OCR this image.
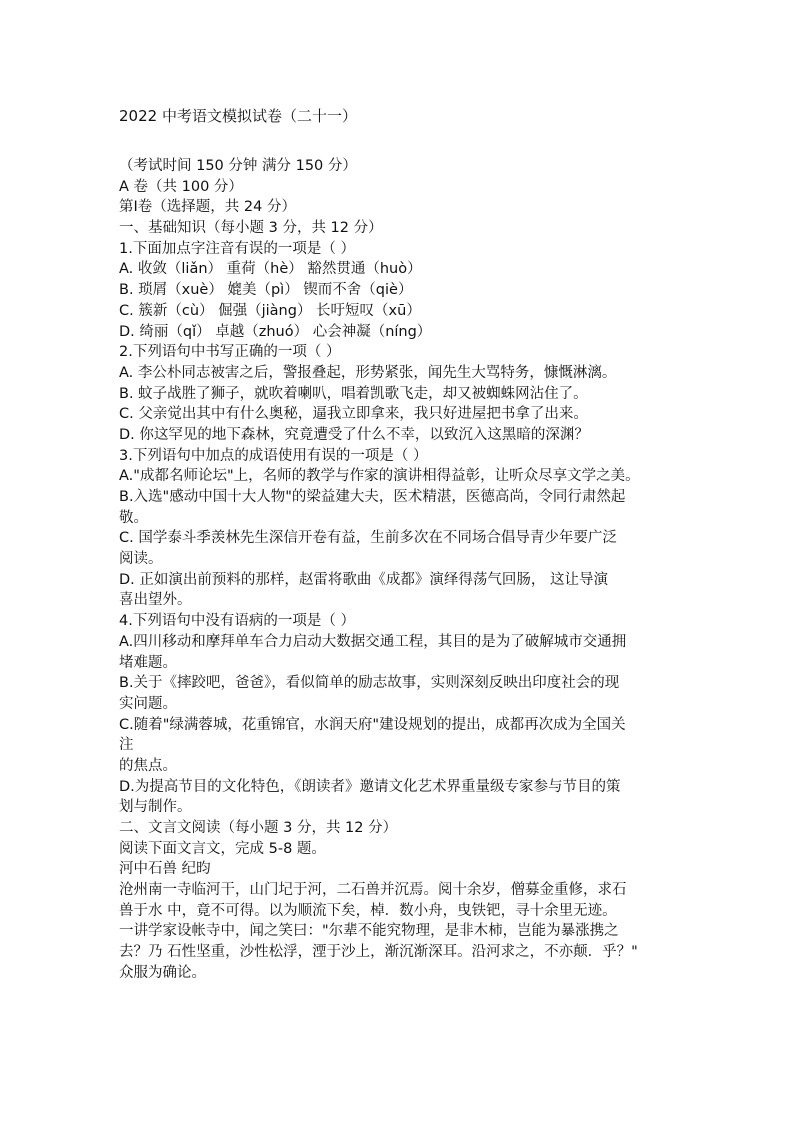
2022 中考语文模拟试卷（二十一）
（考试时间 150 分钟 满分 150 分）
A 卷（共 100 分）
第Ⅰ卷（选择题，共 24 分）
一、基础知识（每小题 3 分，共 12 分）
1.下面加点字注音有误的一项是（ ）
A. 收敛（liǎn） 重荷（hè） 豁然贯通（huò）
B. 琐屑（xuè） 媲美（pì） 锲而不舍（qiè）
C. 簇新（cù） 倔强（jiàng） 长吁短叹（xū）
D. 绮丽（qǐ） 卓越（zhuó） 心会神凝（níng）
2.下列语句中书写正确的一项（ ）
A. 李公朴同志被害之后，警报叠起，形势紧张，闻先生大骂特务，慷慨淋漓。
B. 蚊子战胜了狮子，就吹着喇叭，唱着凯歌飞走，却又被蜘蛛网沾住了。
C. 父亲觉出其中有什么奥秘，逼我立即拿来，我只好进屋把书拿了出来。
D. 你这罕见的地下森林，究竟遭受了什么不幸，以致沉入这黑暗的深渊？
3.下列语句中加点的成语使用有误的一项是（ ）
A."成都名师论坛"上，名师的教学与作家的演讲相得益彰，让听众尽享文学之美。
B.入选"感动中国十大人物"的梁益建大夫，医术精湛，医德高尚，令同行肃然起
敬。
C. 国学泰斗季羡林先生深信开卷有益，生前多次在不同场合倡导青少年要广泛
阅读。
D. 正如演出前预料的那样，赵雷将歌曲《成都》演绎得荡气回肠， 这让导演
喜出望外。
4.下列语句中没有语病的一项是（ ）
A.四川移动和摩拜单车合力启动大数据交通工程，其目的是为了破解城市交通拥
堵难题。
B.关于《摔跤吧，爸爸》，看似简单的励志故事，实则深刻反映出印度社会的现
实问题。
C.随着"绿满蓉城，花重锦官，水润天府"建设规划的提出，成都再次成为全国关
注
的焦点。
D.为提高节目的文化特色，《朗读者》邀请文化艺术界重量级专家参与节目的策
划与制作。
二、文言文阅读（每小题 3 分，共 12 分）
阅读下面文言文，完成 5-8 题。
河中石兽 纪昀
沧州南一寺临河干，山门圮于河，二石兽并沉焉。阅十余岁，僧募金重修，求石
兽于水 中，竟不可得。以为顺流下矣，棹．数小舟，曳铁钯，寻十余里无迹。
一讲学家设帐寺中，闻之笑曰："尔辈不能究物理，是非木柿，岂能为暴涨携之
去？乃 石性坚重，沙性松浮，湮于沙上，渐沉渐深耳。沿河求之，不亦颠．乎？"
众服为确论。
